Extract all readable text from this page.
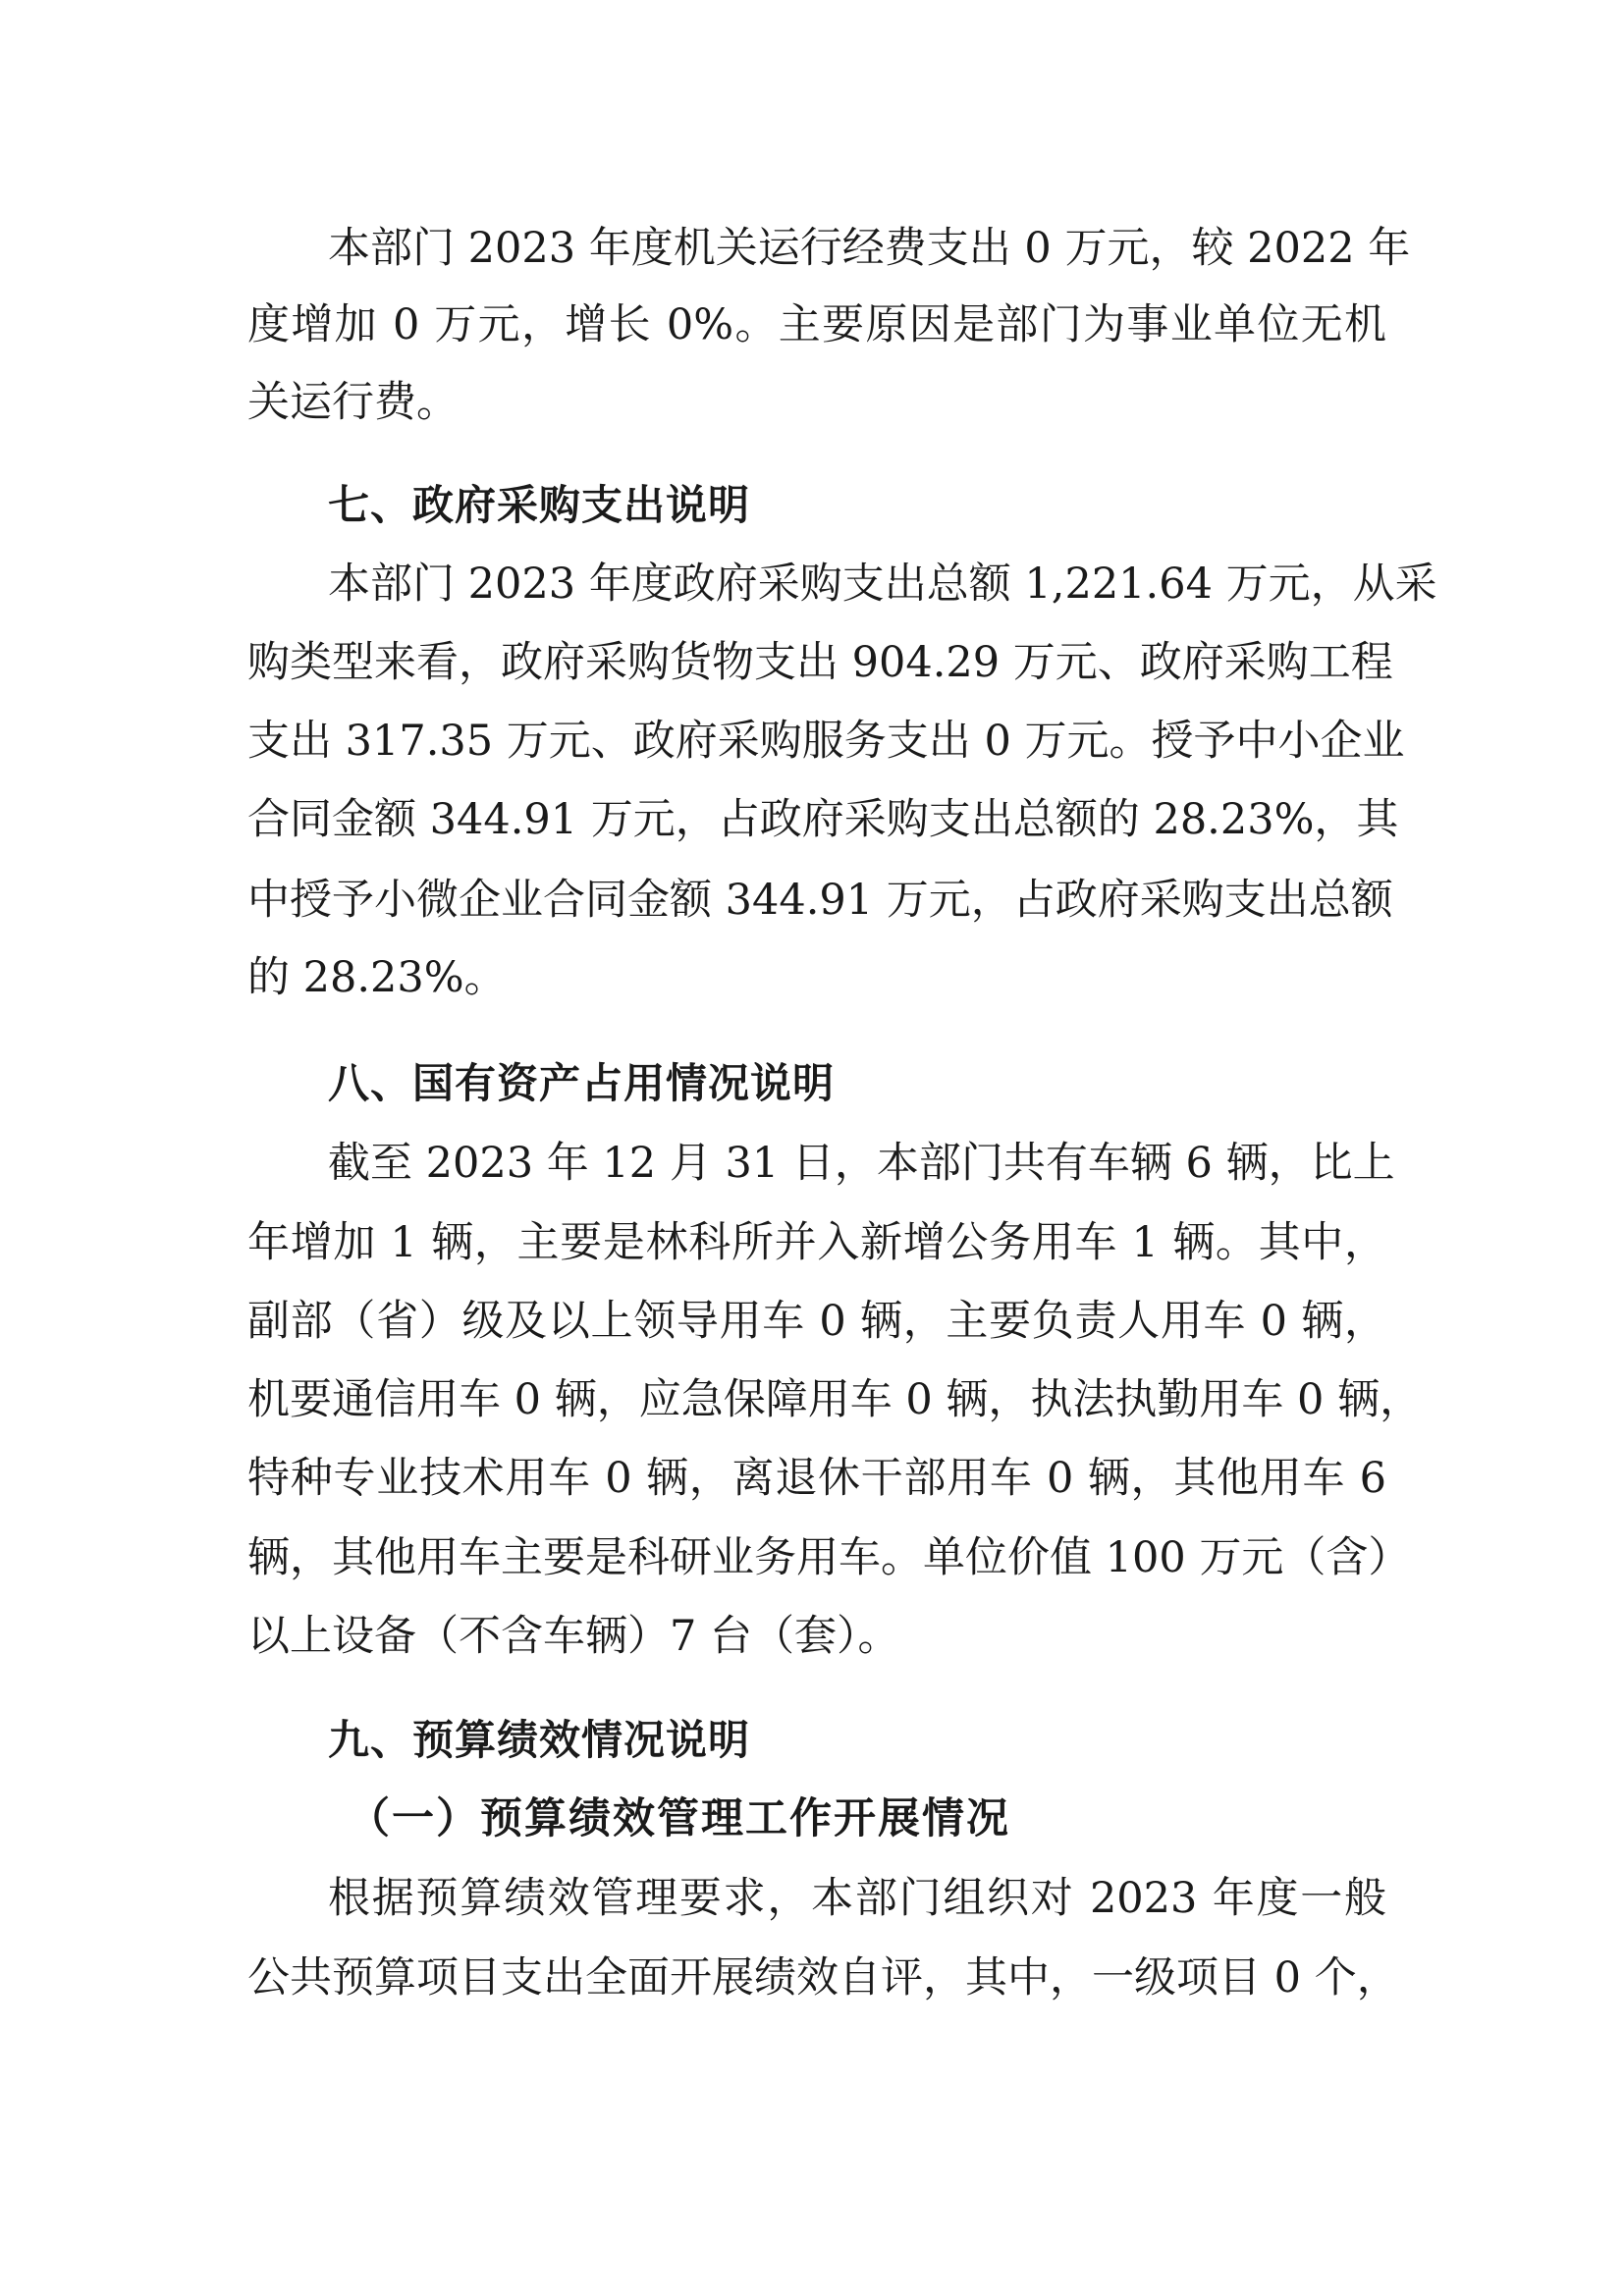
本部门 2023 年度机关运行经费支出 0 万元，较 2022 年
度增加 0 万元，增长 0%。主要原因是部门为事业单位无机
关运行费。
七、政府采购支出说明
本部门 2023 年度政府采购支出总额 1,221.64 万元，从采
购类型来看，政府采购货物支出 904.29 万元、政府采购工程
支出 317.35 万元、政府采购服务支出 0 万元。授予中小企业
合同金额 344.91 万元，占政府采购支出总额的 28.23%，其
中授予小微企业合同金额 344.91 万元，占政府采购支出总额
的 28.23%。
八、国有资产占用情况说明
截至 2023 年 12 月 31 日，本部门共有车辆 6 辆，比上
年增加 1 辆，主要是林科所并入新增公务用车 1 辆。其中，
副部（省）级及以上领导用车 0 辆，主要负责人用车 0 辆，
机要通信用车 0 辆，应急保障用车 0 辆，执法执勤用车 0 辆，
特种专业技术用车 0 辆，离退休干部用车 0 辆，其他用车 6
辆，其他用车主要是科研业务用车。单位价值 100 万元（含）
以上设备（不含车辆）7 台（套）。
九、预算绩效情况说明
（一）预算绩效管理工作开展情况
根据预算绩效管理要求，本部门组织对 2023 年度一般
公共预算项目支出全面开展绩效自评，其中，一级项目 0 个，
